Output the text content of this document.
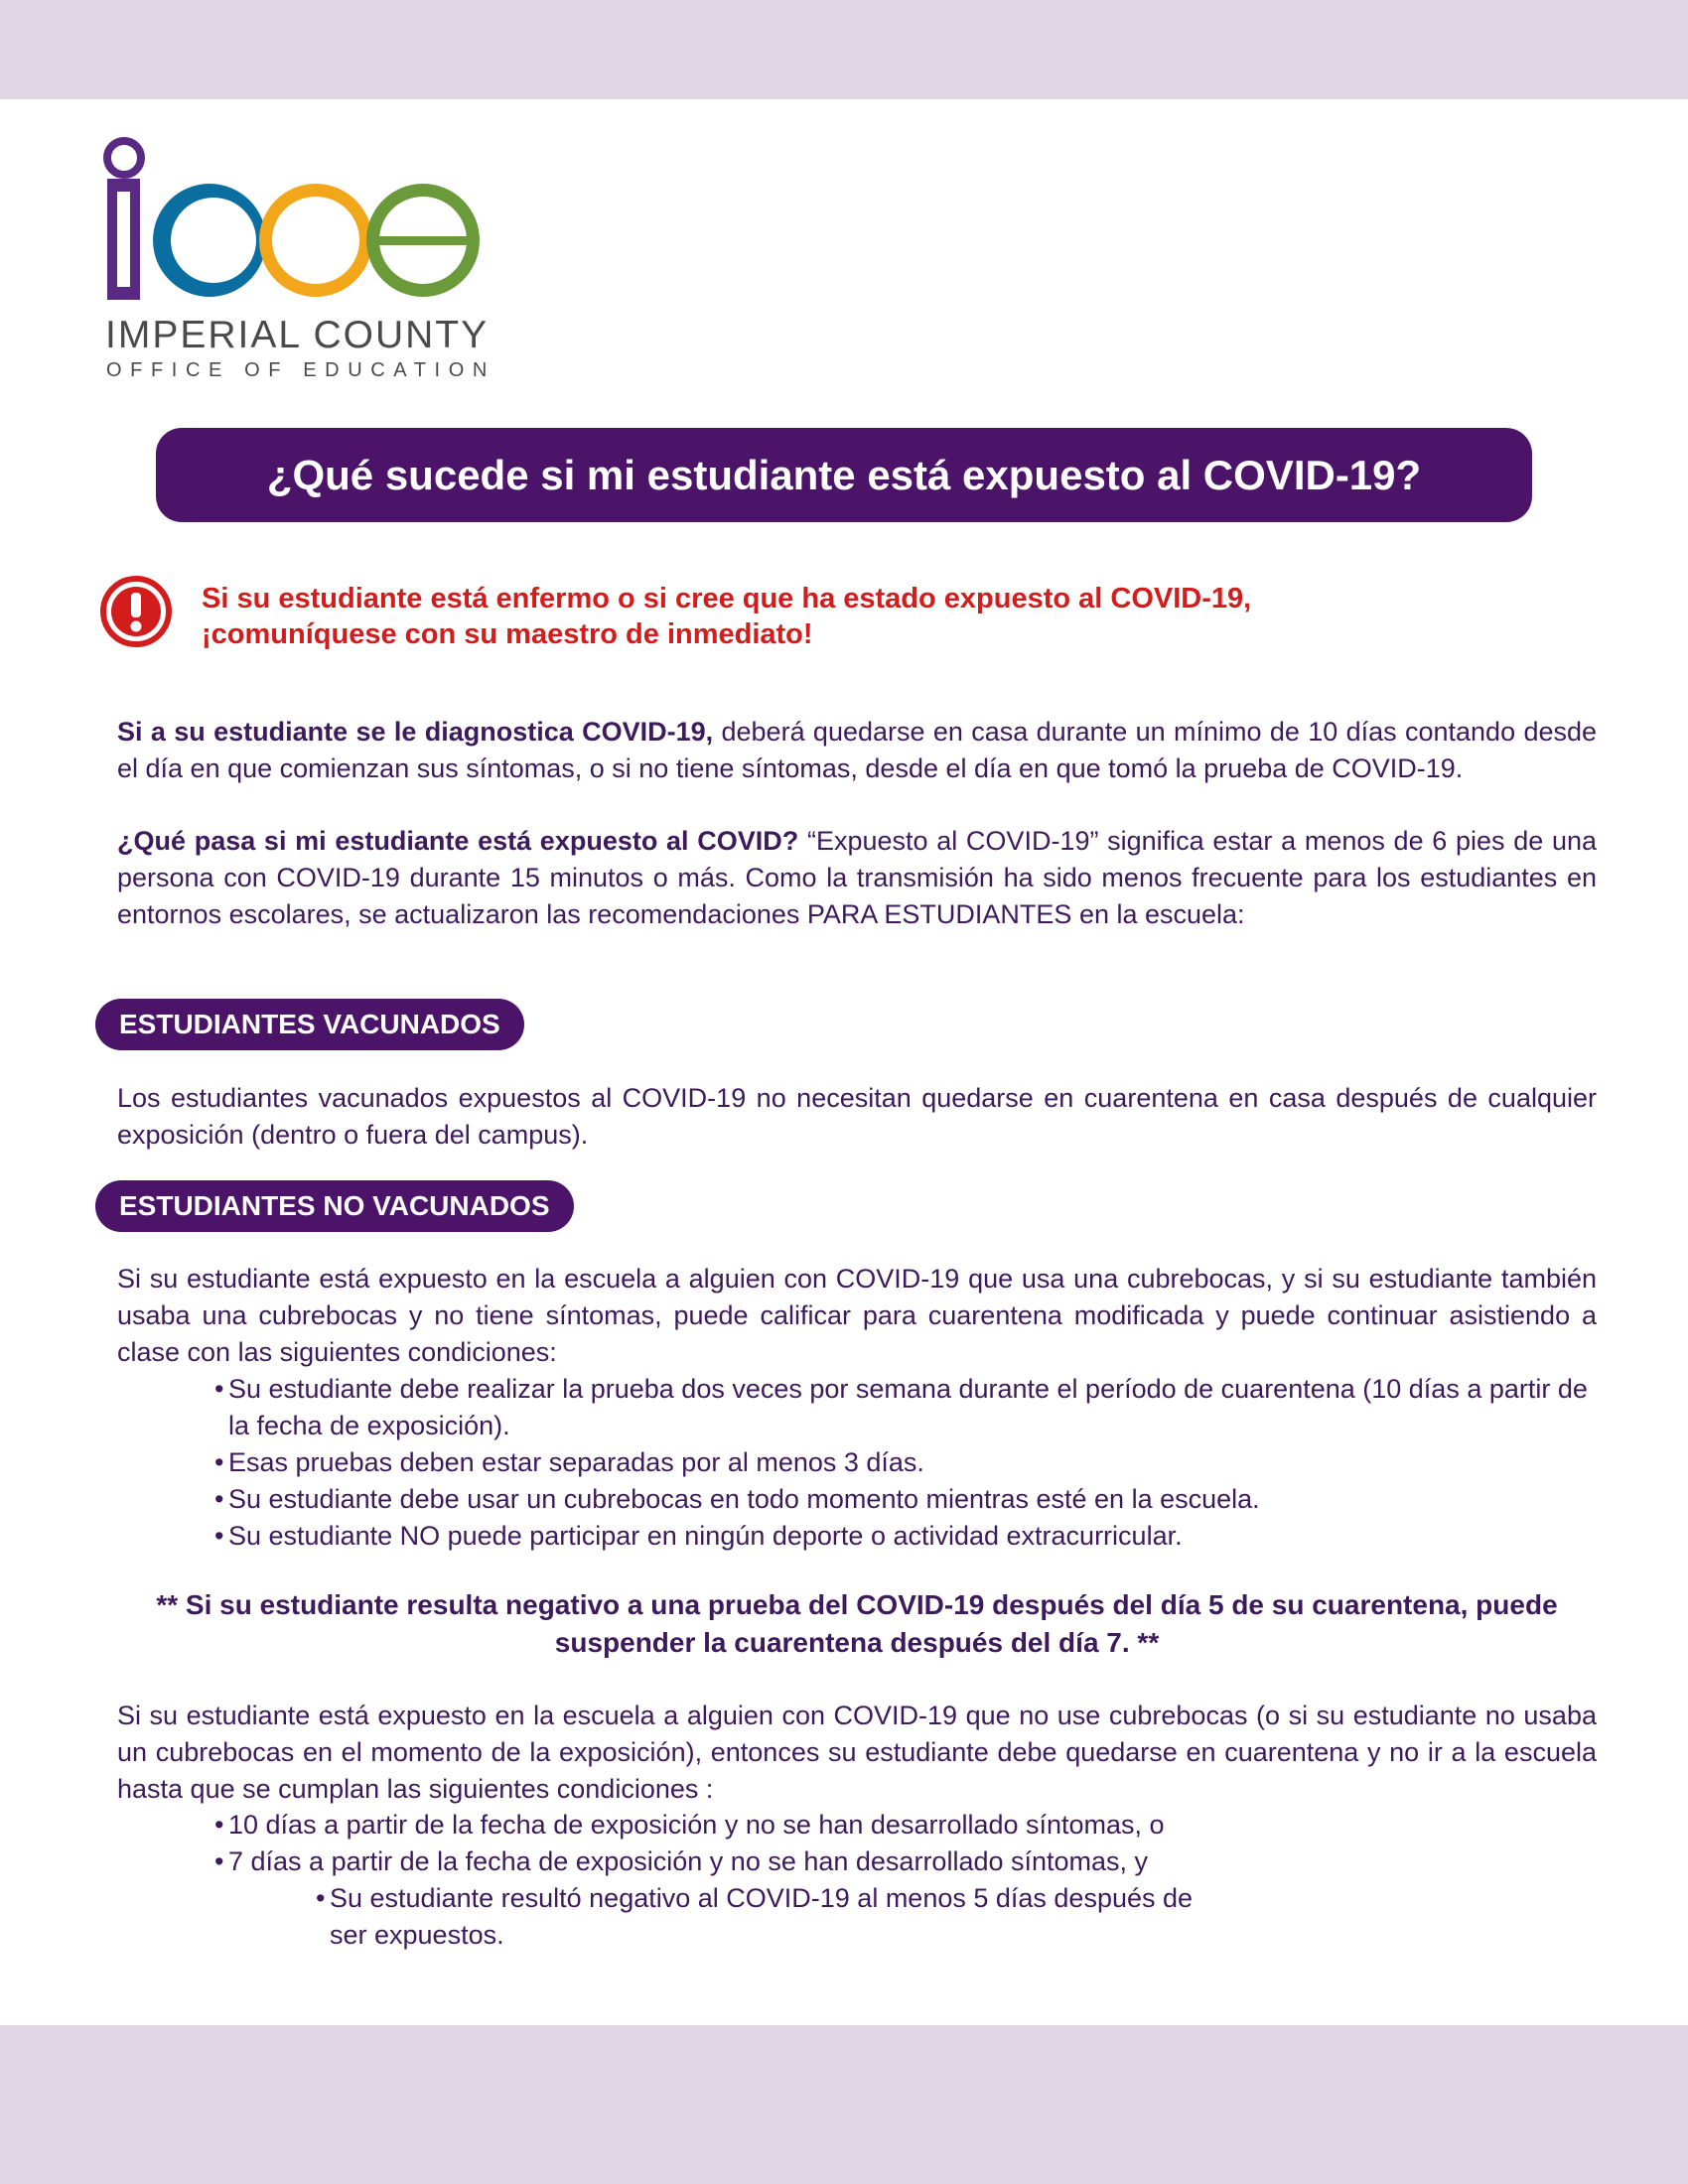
IMPERIAL COUNTY
OFFICE OF EDUCATION
¿Qué sucede si mi estudiante está expuesto al COVID-19?
Si su estudiante está enfermo o si cree que ha estado expuesto al COVID-19,
¡comuníquese con su maestro de inmediato!

Si a su estudiante se le diagnostica COVID-19, deberá quedarse en casa durante un mínimo de 10 días contando desde el día en que comienzan sus síntomas, o si no tiene síntomas, desde el día en que tomó la prueba de COVID-19.

¿Qué pasa si mi estudiante está expuesto al COVID? “Expuesto al COVID-19” significa estar a menos de 6 pies de una persona con COVID-19 durante 15 minutos o más. Como la transmisión ha sido menos frecuente para los estudiantes en entornos escolares, se actualizaron las recomendaciones PARA ESTUDIANTES en la escuela:

ESTUDIANTES VACUNADOS

Los estudiantes vacunados expuestos al COVID-19 no necesitan quedarse en cuarentena en casa después de cualquier exposición (dentro o fuera del campus).

ESTUDIANTES NO VACUNADOS

Si su estudiante está expuesto en la escuela a alguien con COVID-19 que usa una cubrebocas, y si su estudiante también usaba una cubrebocas y no tiene síntomas, puede calificar para cuarentena modificada y puede continuar asistiendo a clase con las siguientes condiciones:

• Su estudiante debe realizar la prueba dos veces por semana durante el período de cuarentena (10 días a partir de la fecha de exposición).
• Esas pruebas deben estar separadas por al menos 3 días.
• Su estudiante debe usar un cubrebocas en todo momento mientras esté en la escuela.
• Su estudiante NO puede participar en ningún deporte o actividad extracurricular.
** Si su estudiante resulta negativo a una prueba del COVID-19 después del día 5 de su cuarentena, puede
suspender la cuarentena después del día 7. **

Si su estudiante está expuesto en la escuela a alguien con COVID-19 que no use cubrebocas (o si su estudiante no usaba un cubrebocas en el momento de la exposición), entonces su estudiante debe quedarse en cuarentena y no ir a la escuela hasta que se cumplan las siguientes condiciones :

• 10 días a partir de la fecha de exposición y no se han desarrollado síntomas, o
• 7 días a partir de la fecha de exposición y no se han desarrollado síntomas, y
• Su estudiante resultó negativo al COVID-19 al menos 5 días después de ser expuestos.
